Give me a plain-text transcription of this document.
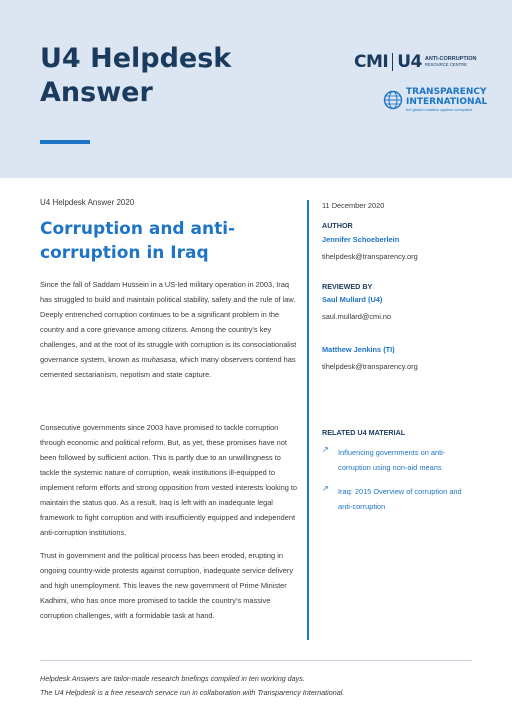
U4 Helpdesk
Answer
CMI U4 ANTI-CORRUPTION
RESOURCE CENTRE
TRANSPARENCY
INTERNATIONAL
the global coalition against corruption

U4 Helpdesk Answer 2020

Corruption and anti-
corruption in Iraq

Since the fall of Saddam Hussein in a US-led military operation in 2003, Iraq has struggled to build and maintain political stability, safety and the rule of law. Deeply entrenched corruption continues to be a significant problem in the country and a core grievance among citizens. Among the country’s key challenges, and at the root of its struggle with corruption is its consociationalist governance system, known as muhasasa, which many observers contend has cemented sectarianism, nepotism and state capture.

Consecutive governments since 2003 have promised to tackle corruption through economic and political reform. But, as yet, these promises have not been followed by sufficient action. This is partly due to an unwillingness to tackle the systemic nature of corruption, weak institutions ill-equipped to implement reform efforts and strong opposition from vested interests looking to maintain the status quo. As a result, Iraq is left with an inadequate legal framework to fight corruption and with insufficiently equipped and independent anti-corruption institutions.

Trust in government and the political process has been eroded, erupting in ongoing country-wide protests against corruption, inadequate service delivery and high unemployment. This leaves the new government of Prime Minister Kadhimi, who has once more promised to tackle the country’s massive corruption challenges, with a formidable task at hand.

11 December 2020
AUTHOR
Jennifer Schoeberlein
tihelpdesk@transparency.org
REVIEWED BY
Saul Mullard (U4)
saul.mullard@cmi.no
Matthew Jenkins (TI)
tihelpdesk@transparency.org
RELATED U4 MATERIAL
↗	Influencing governments on anti-corruption using non-aid means
↗	Iraq: 2015 Overview of corruption and anti-corruption
Helpdesk Answers are tailor-made research briefings compiled in ten working days.
The U4 Helpdesk is a free research service run in collaboration with Transparency International.
